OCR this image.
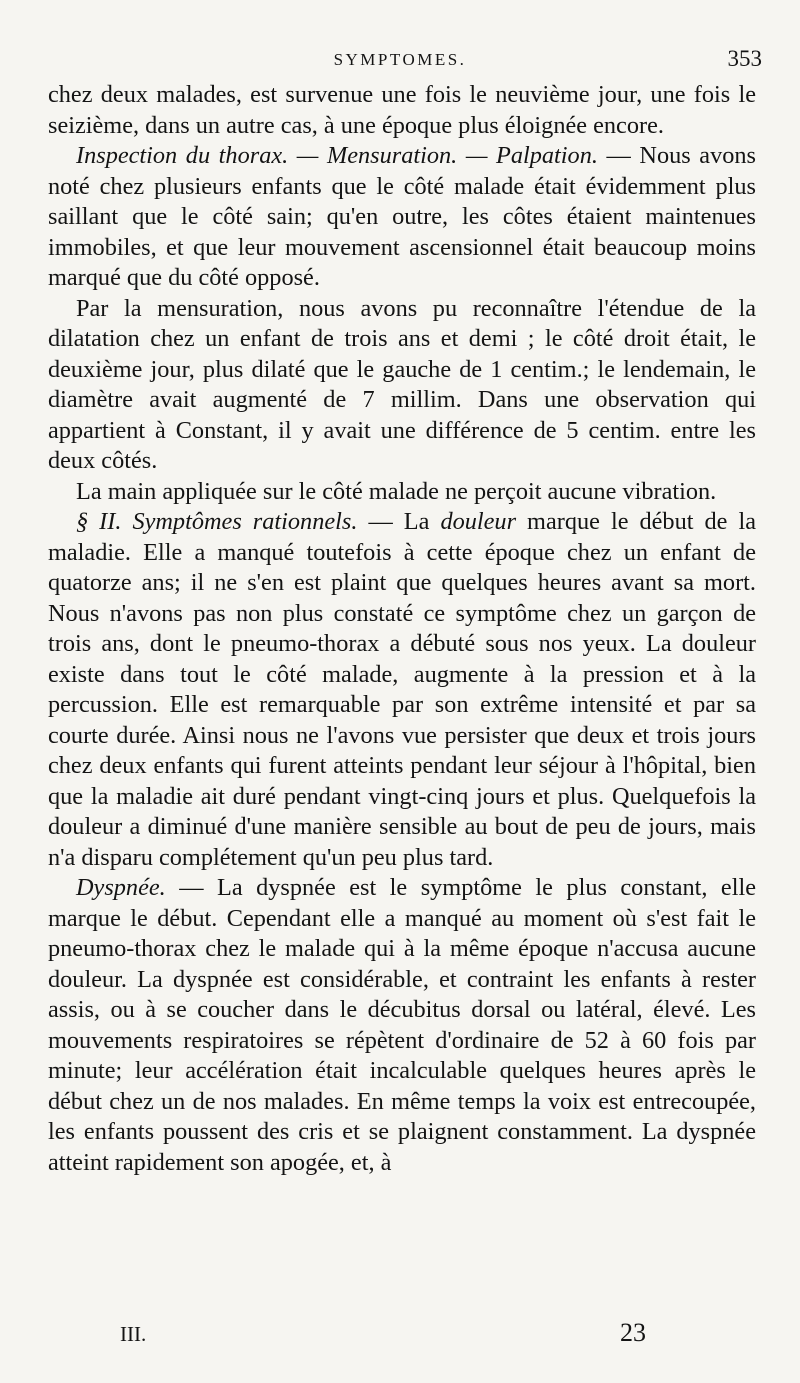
SYMPTOMES.	353

chez deux malades, est survenue une fois le neuvième jour, une fois le seizième, dans un autre cas, à une époque plus éloignée encore.

Inspection du thorax. — Mensuration. — Palpation. — Nous avons noté chez plusieurs enfants que le côté malade était évidemment plus saillant que le côté sain; qu'en outre, les côtes étaient maintenues immobiles, et que leur mouvement ascensionnel était beaucoup moins marqué que du côté opposé.

Par la mensuration, nous avons pu reconnaître l'étendue de la dilatation chez un enfant de trois ans et demi ; le côté droit était, le deuxième jour, plus dilaté que le gauche de 1 centim.; le lendemain, le diamètre avait augmenté de 7 millim. Dans une observation qui appartient à Constant, il y avait une différence de 5 centim. entre les deux côtés.

La main appliquée sur le côté malade ne perçoit aucune vibration.

§ II. Symptômes rationnels. — La douleur marque le début de la maladie. Elle a manqué toutefois à cette époque chez un enfant de quatorze ans; il ne s'en est plaint que quelques heures avant sa mort. Nous n'avons pas non plus constaté ce symptôme chez un garçon de trois ans, dont le pneumo-thorax a débuté sous nos yeux. La douleur existe dans tout le côté malade, augmente à la pression et à la percussion. Elle est remarquable par son extrême intensité et par sa courte durée. Ainsi nous ne l'avons vue persister que deux et trois jours chez deux enfants qui furent atteints pendant leur séjour à l'hôpital, bien que la maladie ait duré pendant vingt-cinq jours et plus. Quelquefois la douleur a diminué d'une manière sensible au bout de peu de jours, mais n'a disparu complétement qu'un peu plus tard.

Dyspnée. — La dyspnée est le symptôme le plus constant, elle marque le début. Cependant elle a manqué au moment où s'est fait le pneumo-thorax chez le malade qui à la même époque n'accusa aucune douleur. La dyspnée est considérable, et contraint les enfants à rester assis, ou à se coucher dans le décubitus dorsal ou latéral, élevé. Les mouvements respiratoires se répètent d'ordinaire de 52 à 60 fois par minute; leur accélération était incalculable quelques heures après le début chez un de nos malades. En même temps la voix est entrecoupée, les enfants poussent des cris et se plaignent constamment. La dyspnée atteint rapidement son apogée, et, à

III.	23
